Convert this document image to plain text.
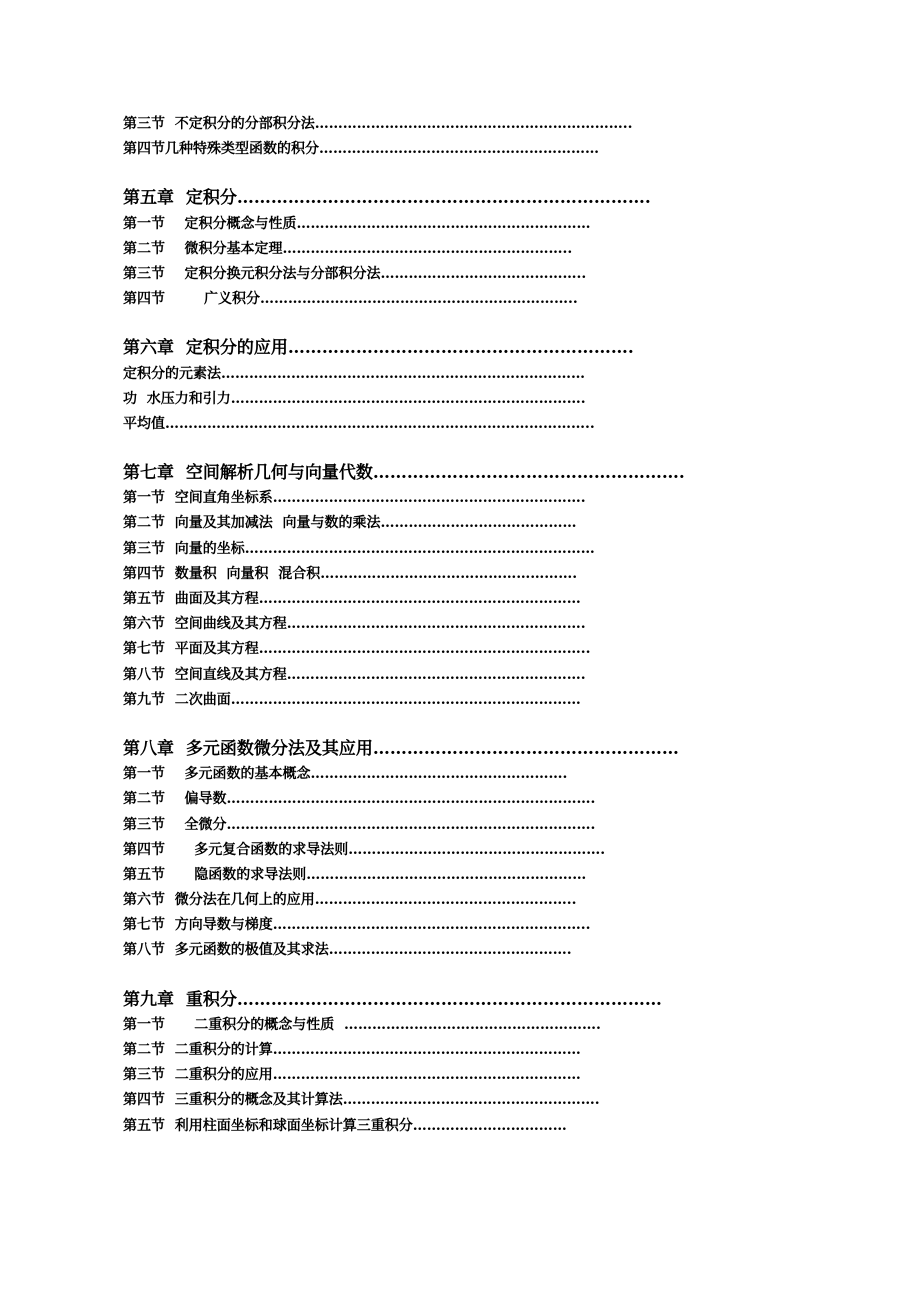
第三节  不定积分的分部积分法…………………………………………………………..
第四节几种特殊类型函数的积分……………………………………………………
第五章  定积分……………………………………………………………….
第一节    定积分概念与性质………………………………………………………
第二节    微积分基本定理……………………………………………………..
第三节    定积分换元积分法与分部积分法……………………………………..
第四节        广义积分…………………………………………………………..
第六章  定积分的应用…………………………………………………….
定积分的元素法……………………………………………………………………
功  水压力和引力………………………………………………………………….
平均值………………………………………………………………………………..
第七章  空间解析几何与向量代数……………………………………………….
第一节  空间直角坐标系………………………………………………………….
第二节  向量及其加减法  向量与数的乘法……………………………………
第三节  向量的坐标…………………………………………………………………
第四节  数量积  向量积  混合积……………………………………………….
第五节  曲面及其方程……………………………………………………………
第六节  空间曲线及其方程……………………………………………………….
第七节  平面及其方程……………………………………………………………..
第八节  空间直线及其方程……………………………………………………….
第九节  二次曲面…………………………………………………………………
第八章  多元函数微分法及其应用………………………………………………
第一节    多元函数的基本概念……………………………………………….
第二节    偏导数…………………………………………………………………….
第三节    全微分…………………………………………………………………….
第四节      多元复合函数的求导法则……………………………………………….
第五节      隐函数的求导法则……………………………………………………
第六节  微分法在几何上的应用………………………………………………..
第七节  方向导数与梯度…………………………………………………………..
第八节  多元函数的极值及其求法…………………………………………….
第九章  重积分…………………………………………………………………
第一节      二重积分的概念与性质  ……………………………………………….
第二节  二重积分的计算…………………………………………………………
第三节  二重积分的应用…………………………………………………………
第四节  三重积分的概念及其计算法……………………………………………….
第五节  利用柱面坐标和球面坐标计算三重积分……………………………
